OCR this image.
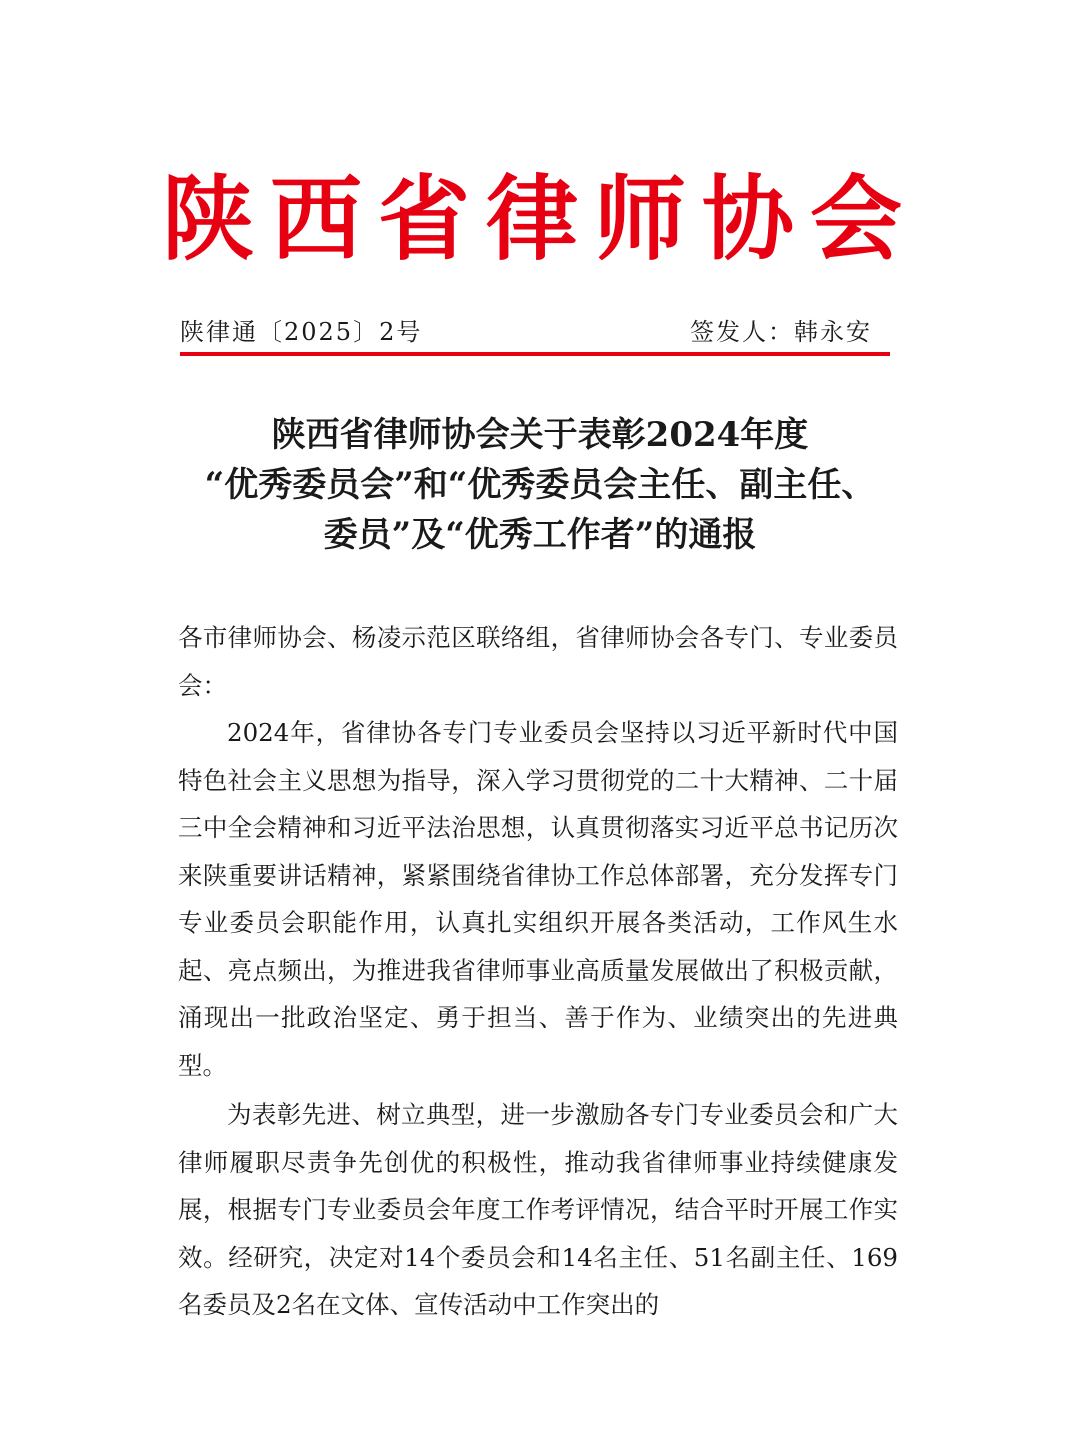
陕西省律师协会
陕律通〔2025〕2号	签发人：韩永安
陕西省律师协会关于表彰2024年度
“优秀委员会”和“优秀委员会主任、副主任、
委员”及“优秀工作者”的通报

各市律师协会、杨凌示范区联络组，省律师协会各专门、专业委员会：

2024年，省律协各专门专业委员会坚持以习近平新时代中国特色社会主义思想为指导，深入学习贯彻党的二十大精神、二十届三中全会精神和习近平法治思想，认真贯彻落实习近平总书记历次来陕重要讲话精神，紧紧围绕省律协工作总体部署，充分发挥专门专业委员会职能作用，认真扎实组织开展各类活动，工作风生水起、亮点频出，为推进我省律师事业高质量发展做出了积极贡献，涌现出一批政治坚定、勇于担当、善于作为、业绩突出的先进典型。

为表彰先进、树立典型，进一步激励各专门专业委员会和广大律师履职尽责争先创优的积极性，推动我省律师事业持续健康发展，根据专门专业委员会年度工作考评情况，结合平时开展工作实效。经研究，决定对14个委员会和14名主任、51名副主任、169名委员及2名在文体、宣传活动中工作突出的
